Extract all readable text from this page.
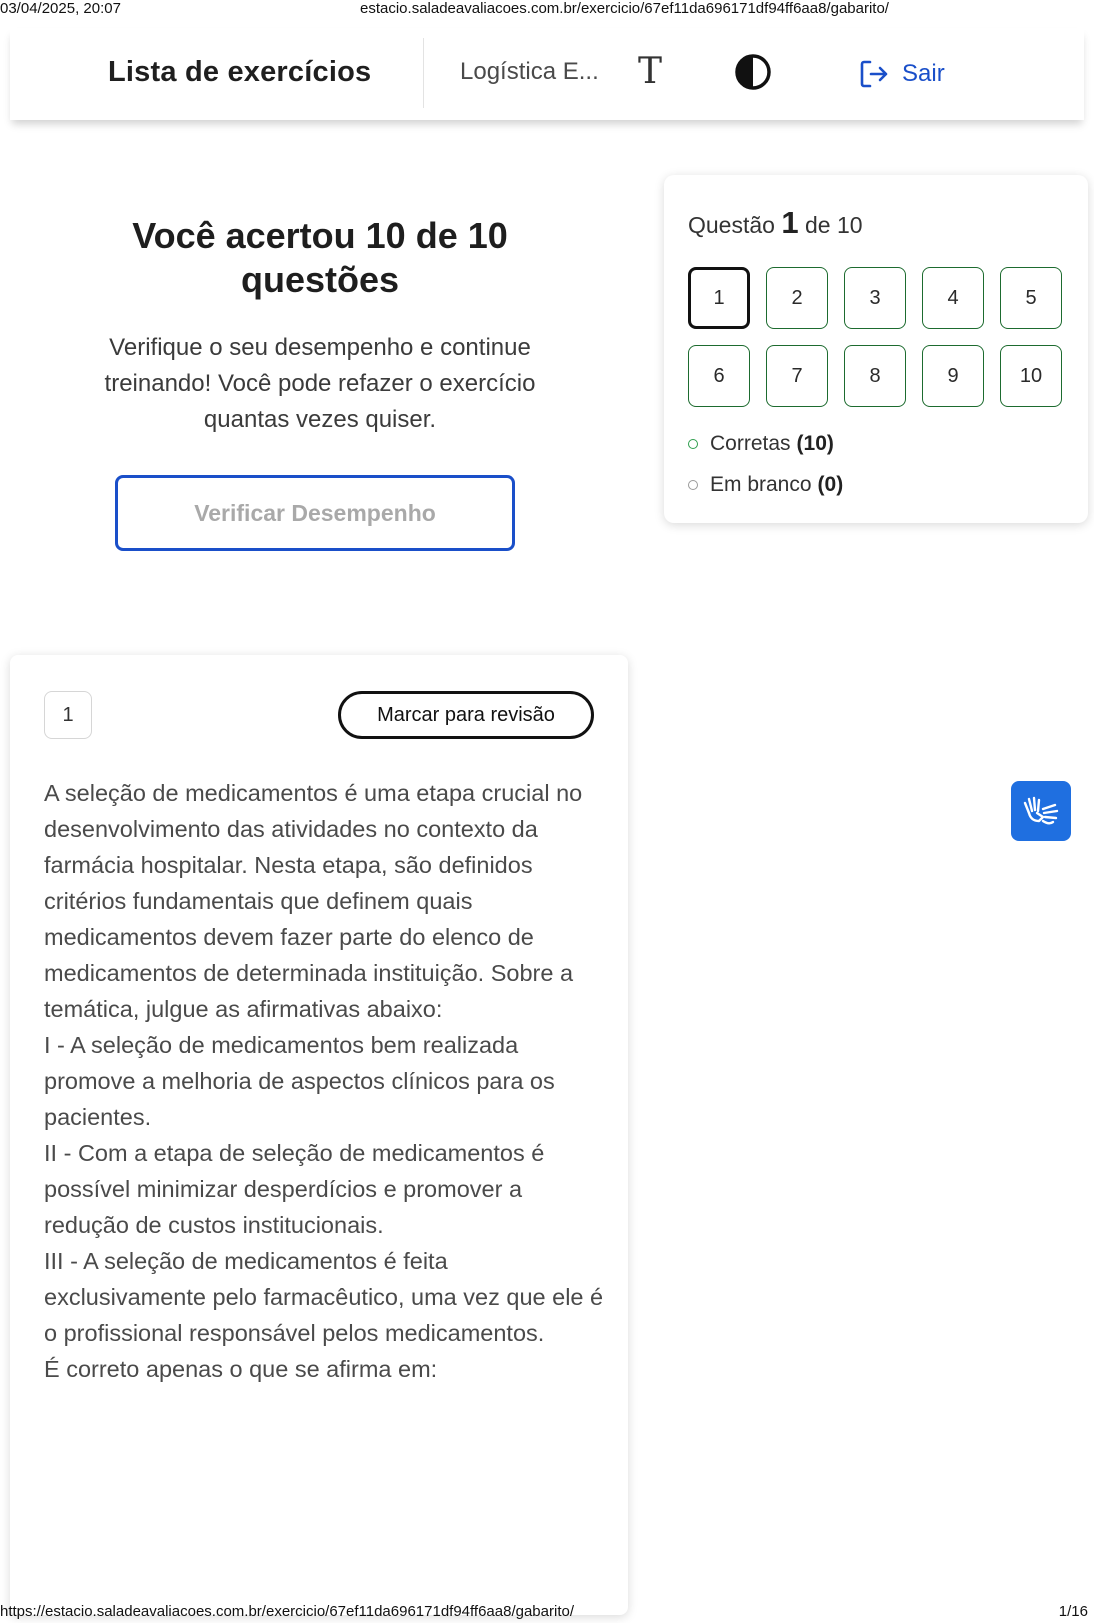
03/04/2025, 20:07	estacio.saladeavaliacoes.com.br/exercicio/67ef11da696171df94ff6aa8/gabarito/
Lista de exercícios	Logística E... T	Sair
Você acertou 10 de 10 questões
Verifique o seu desempenho e continue treinando! Você pode refazer o exercício quantas vezes quiser.
Verificar Desempenho
Questão 1 de 10
1	2	3	4	5
6	7	8	9	10
Corretas (10)
Em branco (0)
1	Marcar para revisão

A seleção de medicamentos é uma etapa crucial no desenvolvimento das atividades no contexto da farmácia hospitalar. Nesta etapa, são definidos critérios fundamentais que definem quais medicamentos devem fazer parte do elenco de medicamentos de determinada instituição. Sobre a temática, julgue as afirmativas abaixo:

I - A seleção de medicamentos bem realizada promove a melhoria de aspectos clínicos para os pacientes.

II - Com a etapa de seleção de medicamentos é possível minimizar desperdícios e promover a redução de custos institucionais.

III - A seleção de medicamentos é feita exclusivamente pelo farmacêutico, uma vez que ele é o profissional responsável pelos medicamentos.

É correto apenas o que se afirma em:

https://estacio.saladeavaliacoes.com.br/exercicio/67ef11da696171df94ff6aa8/gabarito/	1/16
